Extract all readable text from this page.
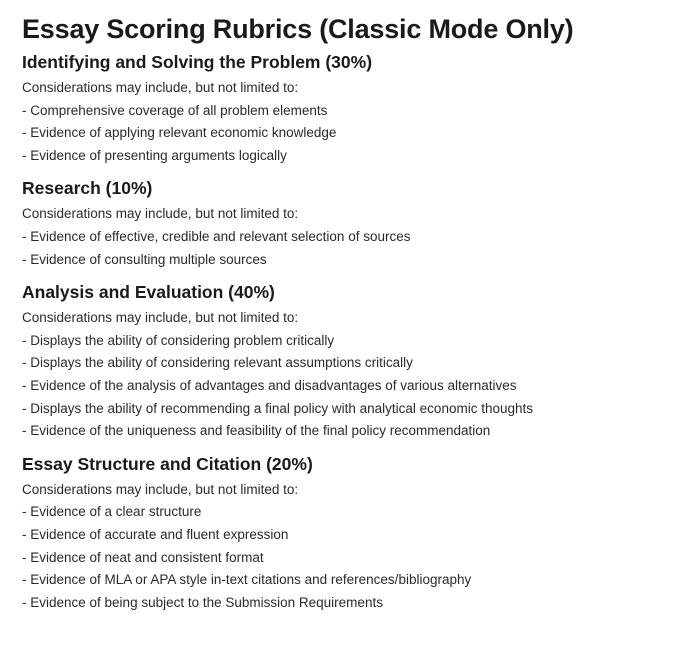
Essay Scoring Rubrics (Classic Mode Only)
Identifying and Solving the Problem (30%)

Considerations may include, but not limited to:

- Comprehensive coverage of all problem elements
- Evidence of applying relevant economic knowledge
- Evidence of presenting arguments logically
Research (10%)

Considerations may include, but not limited to:

- Evidence of effective, credible and relevant selection of sources
- Evidence of consulting multiple sources
Analysis and Evaluation (40%)

Considerations may include, but not limited to:

- Displays the ability of considering problem critically
- Displays the ability of considering relevant assumptions critically
- Evidence of the analysis of advantages and disadvantages of various alternatives
- Displays the ability of recommending a final policy with analytical economic thoughts
- Evidence of the uniqueness and feasibility of the final policy recommendation
Essay Structure and Citation (20%)

Considerations may include, but not limited to:

- Evidence of a clear structure
- Evidence of accurate and fluent expression
- Evidence of neat and consistent format
- Evidence of MLA or APA style in-text citations and references/bibliography
- Evidence of being subject to the Submission Requirements
